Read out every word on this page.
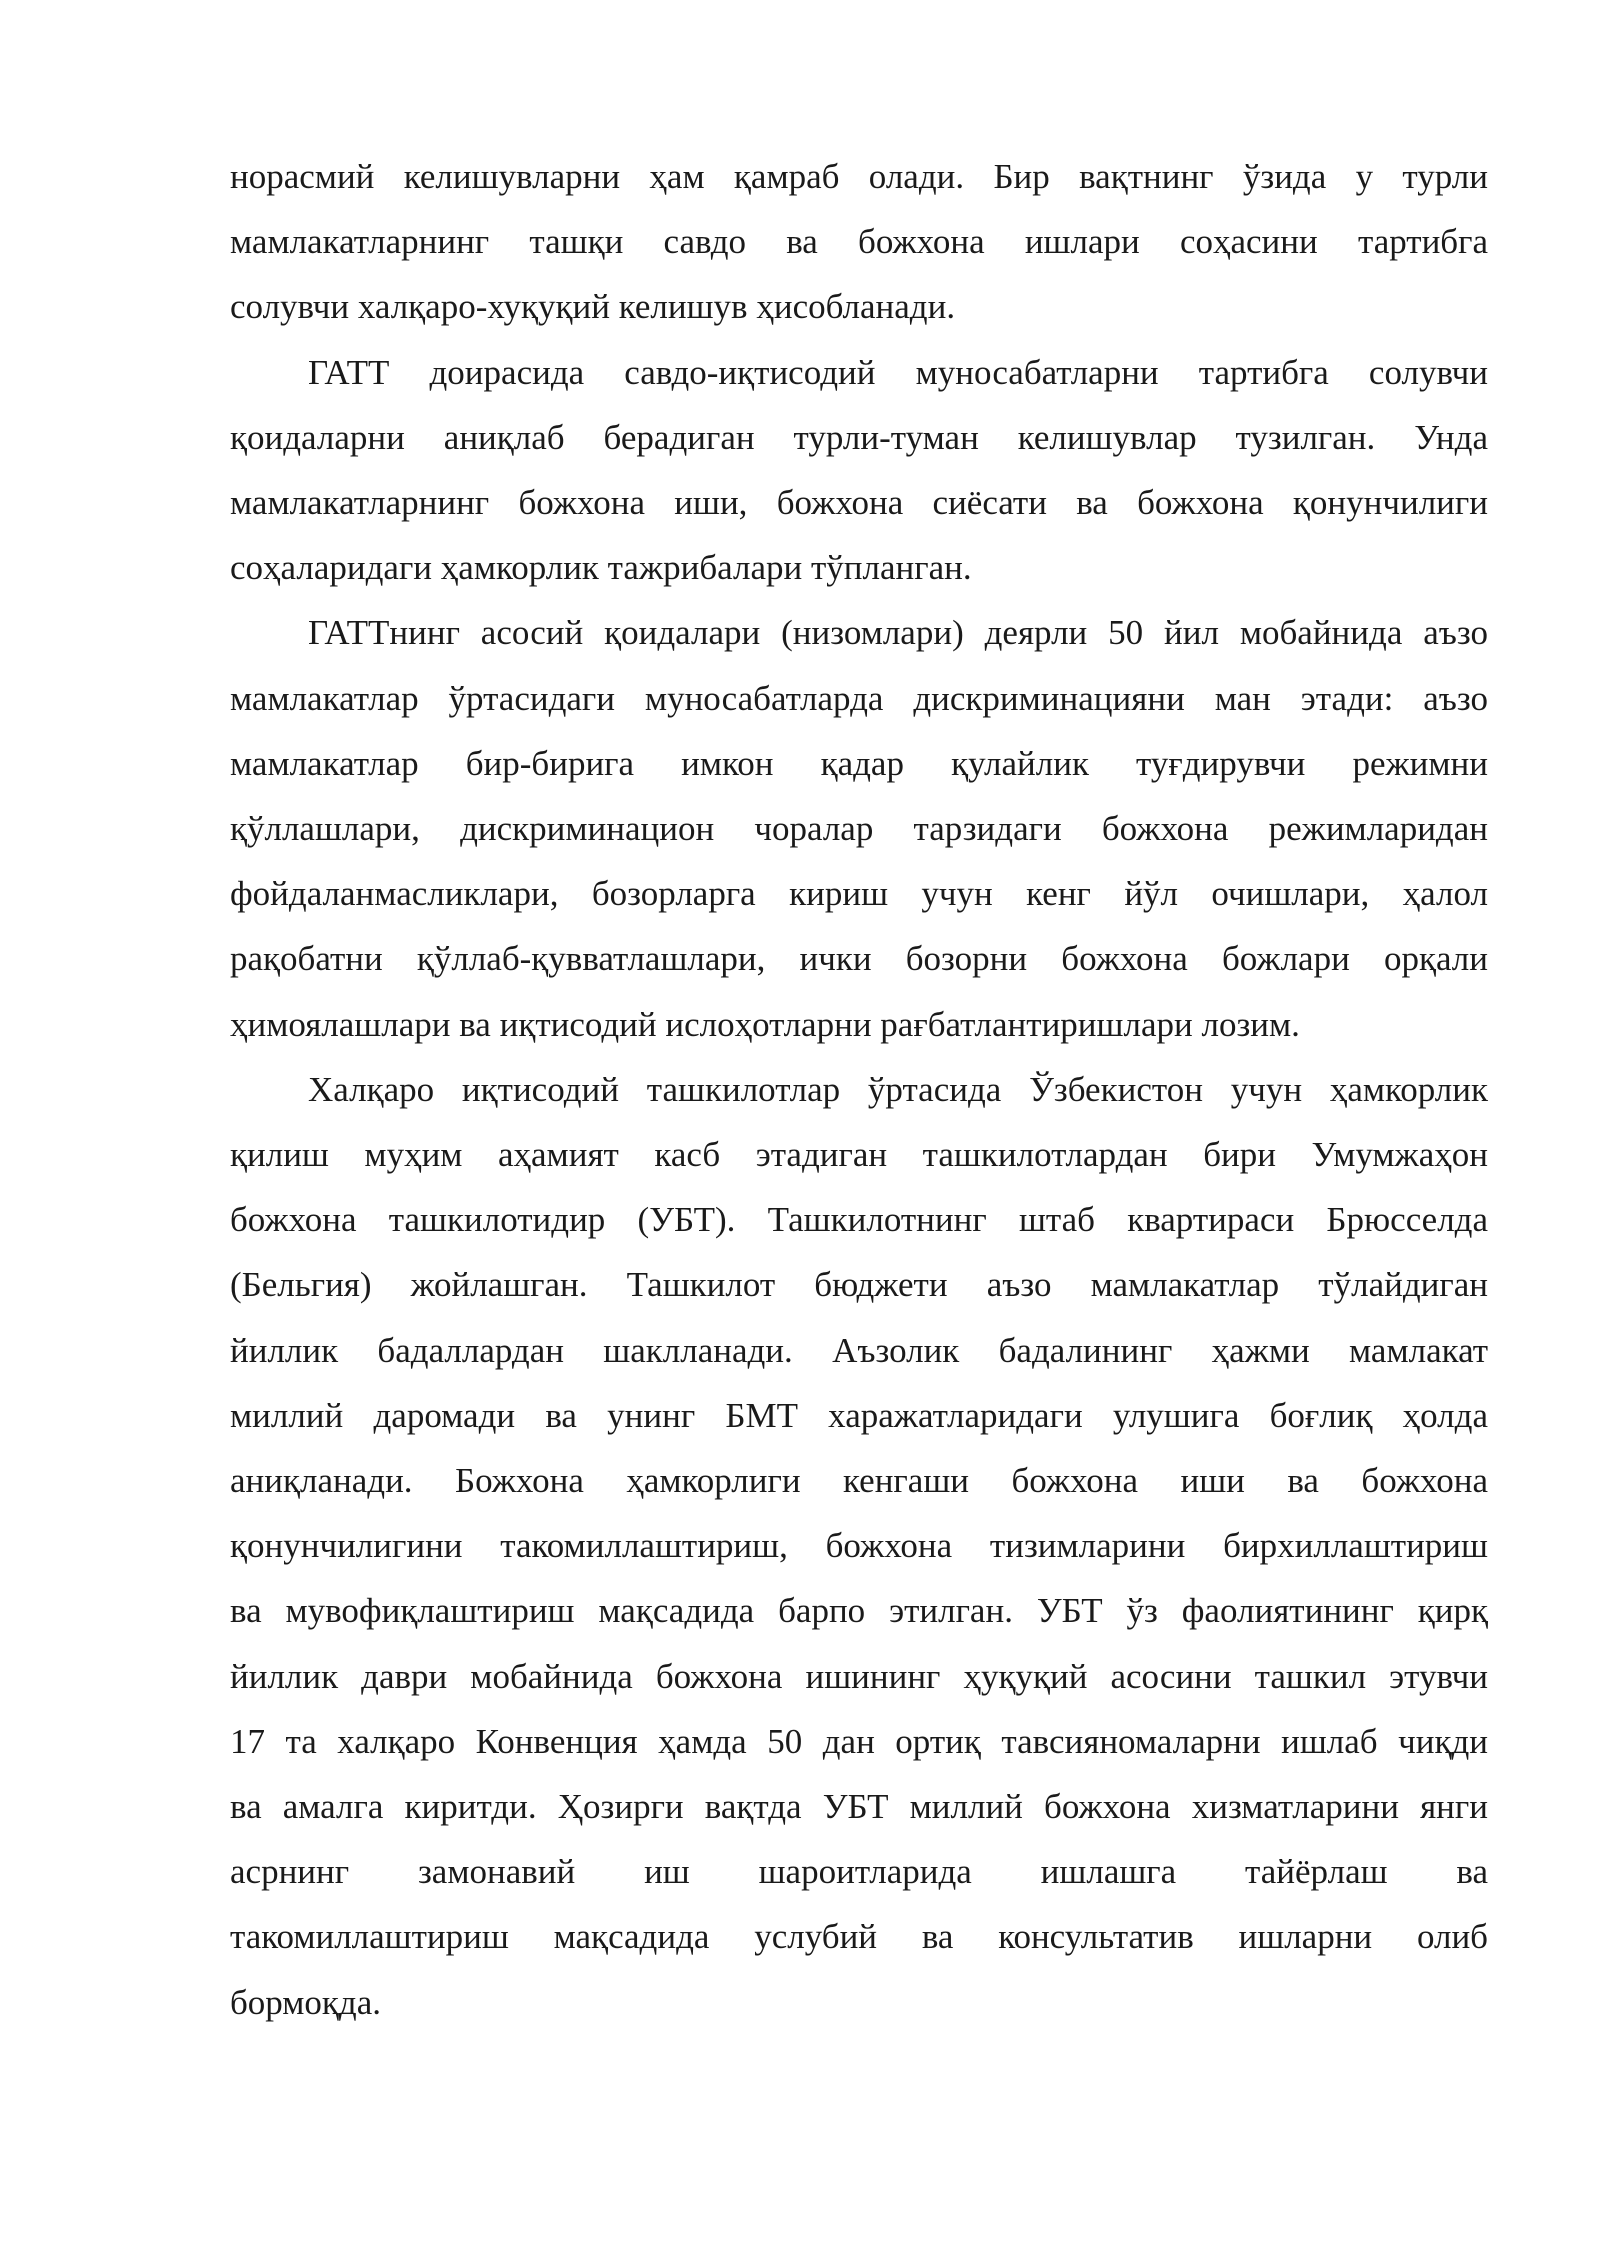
норасмий келишувларни ҳам қамраб олади. Бир вақтнинг ўзида у турли
мамлакатларнинг ташқи савдо ва божхона ишлари соҳасини тартибга
солувчи халқаро-хуқуқий келишув ҳисобланади.

ГАТТ доирасида савдо-иқтисодий муносабатларни тартибга солувчи
қоидаларни аниқлаб берадиган турли-туман келишувлар тузилган. Унда
мамлакатларнинг божхона иши, божхона сиёсати ва божхона қонунчилиги
соҳаларидаги ҳамкорлик тажрибалари тўпланган.

ГАТТнинг асосий қоидалари (низомлари) деярли 50 йил мобайнида аъзо
мамлакатлар ўртасидаги муносабатларда дискриминацияни ман этади: аъзо
мамлакатлар бир-бирига имкон қадар қулайлик туғдирувчи режимни
қўллашлари, дискриминацион чоралар тарзидаги божхона режимларидан
фойдаланмасликлари, бозорларга кириш учун кенг йўл очишлари, ҳалол
рақобатни қўллаб-қувватлашлари, ички бозорни божхона божлари орқали
ҳимоялашлари ва иқтисодий ислоҳотларни рағбатлантиришлари лозим.

Халқаро иқтисодий ташкилотлар ўртасида Ўзбекистон учун ҳамкорлик
қилиш муҳим аҳамият касб этадиган ташкилотлардан бири Умумжаҳон
божхона ташкилотидир (УБТ). Ташкилотнинг штаб квартираси Брюсселда
(Бельгия) жойлашган. Ташкилот бюджети аъзо мамлакатлар тўлайдиган
йиллик бадаллардан шаклланади. Аъзолик бадалининг ҳажми мамлакат
миллий даромади ва унинг БМТ харажатларидаги улушига боғлиқ ҳолда
аниқланади. Божхона ҳамкорлиги кенгаши божхона иши ва божхона
қонунчилигини такомиллаштириш, божхона тизимларини бирхиллаштириш
ва мувофиқлаштириш мақсадида барпо этилган. УБТ ўз фаолиятининг қирқ
йиллик даври мобайнида божхона ишининг ҳуқуқий асосини ташкил этувчи
17 та халқаро Конвенция ҳамда 50 дан ортиқ тавсияномаларни ишлаб чиқди
ва амалга киритди. Ҳозирги вақтда УБТ миллий божхона хизматларини янги
асрнинг замонавий иш шароитларида ишлашга тайёрлаш ва
такомиллаштириш мақсадида услубий ва консультатив ишларни олиб
бормоқда.
